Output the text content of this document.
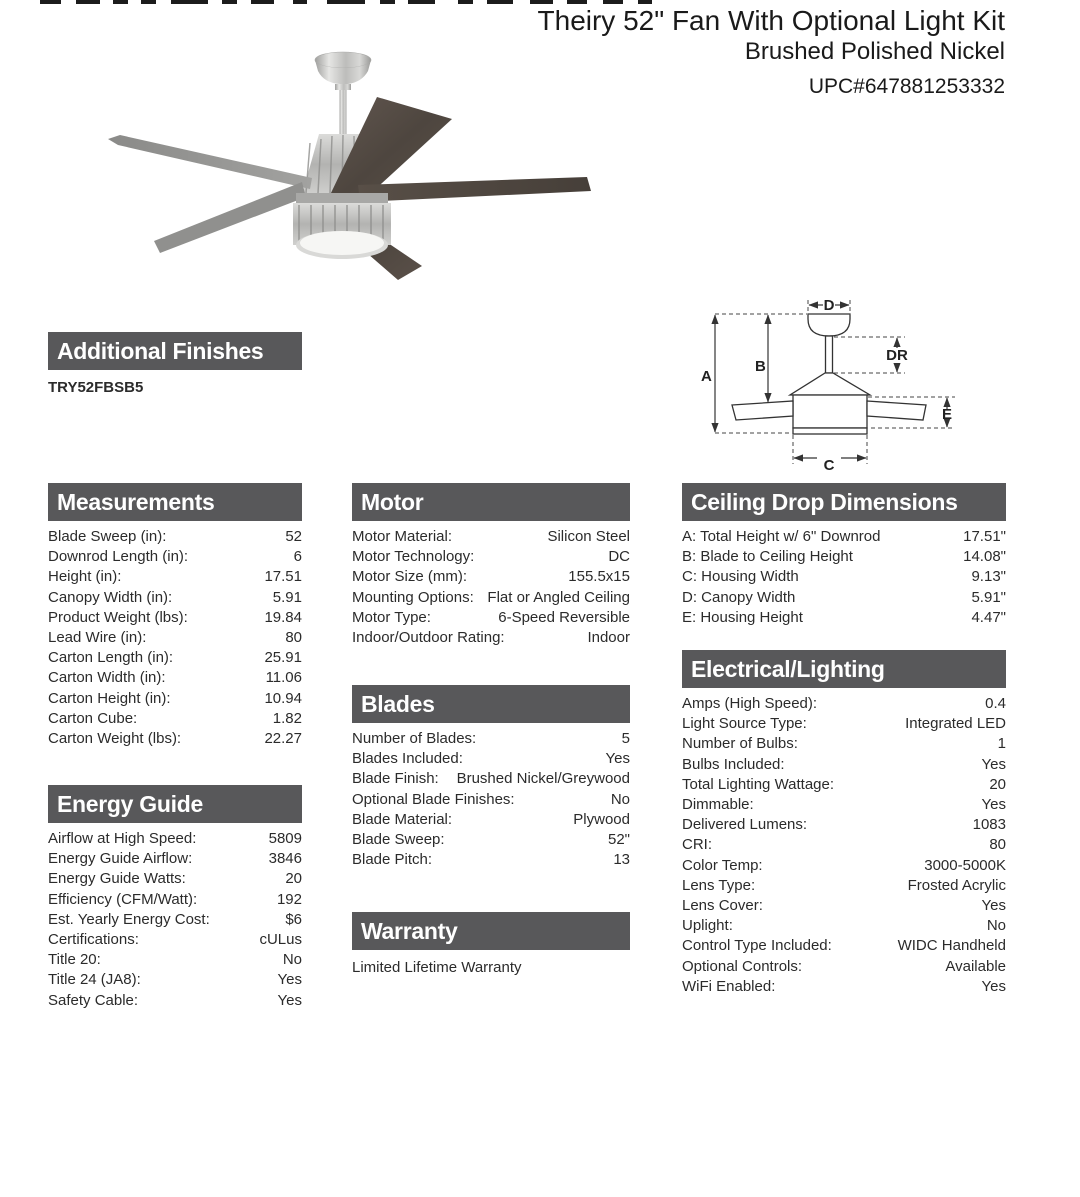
Theiry 52" Fan With Optional Light Kit
Brushed Polished Nickel
UPC#647881253332
D
A
B
DR
E
C
Additional Finishes
TRY52FBSB5
Measurements
Blade Sweep (in):	52
Downrod Length (in):	6
Height (in):	17.51
Canopy Width (in):	5.91
Product Weight (lbs):	19.84
Lead Wire (in):	80
Carton Length (in):	25.91
Carton Width (in):	11.06
Carton Height (in):	10.94
Carton Cube:	1.82
Carton Weight (lbs):	22.27
Energy Guide
Airflow at High Speed:	5809
Energy Guide Airflow:	3846
Energy Guide Watts:	20
Efficiency (CFM/Watt):	192
Est. Yearly Energy Cost:	$6
Certifications:	cULus
Title 20:	No
Title 24 (JA8):	Yes
Safety Cable:	Yes
Motor
Motor Material:	Silicon Steel
Motor Technology:	DC
Motor Size (mm):	155.5x15
Mounting Options: Flat or Angled Ceiling
Motor Type:	6-Speed Reversible
Indoor/Outdoor Rating:	Indoor
Blades
Number of Blades:	5
Blades Included:	Yes
Blade Finish: Brushed Nickel/Greywood
Optional Blade Finishes:	No
Blade Material:	Plywood
Blade Sweep:	52"
Blade Pitch:	13
Warranty
Limited Lifetime Warranty
Ceiling Drop Dimensions
A: Total Height w/ 6" Downrod	17.51"
B: Blade to Ceiling Height	14.08"
C: Housing Width	9.13"
D: Canopy Width	5.91"
E: Housing Height	4.47"
Electrical/Lighting
Amps (High Speed):	0.4
Light Source Type:	Integrated LED
Number of Bulbs:	1
Bulbs Included:	Yes
Total Lighting Wattage:	20
Dimmable:	Yes
Delivered Lumens:	1083
CRI:	80
Color Temp:	3000-5000K
Lens Type:	Frosted Acrylic
Lens Cover:	Yes
Uplight:	No
Control Type Included:	WIDC Handheld
Optional Controls:	Available
WiFi Enabled:	Yes
